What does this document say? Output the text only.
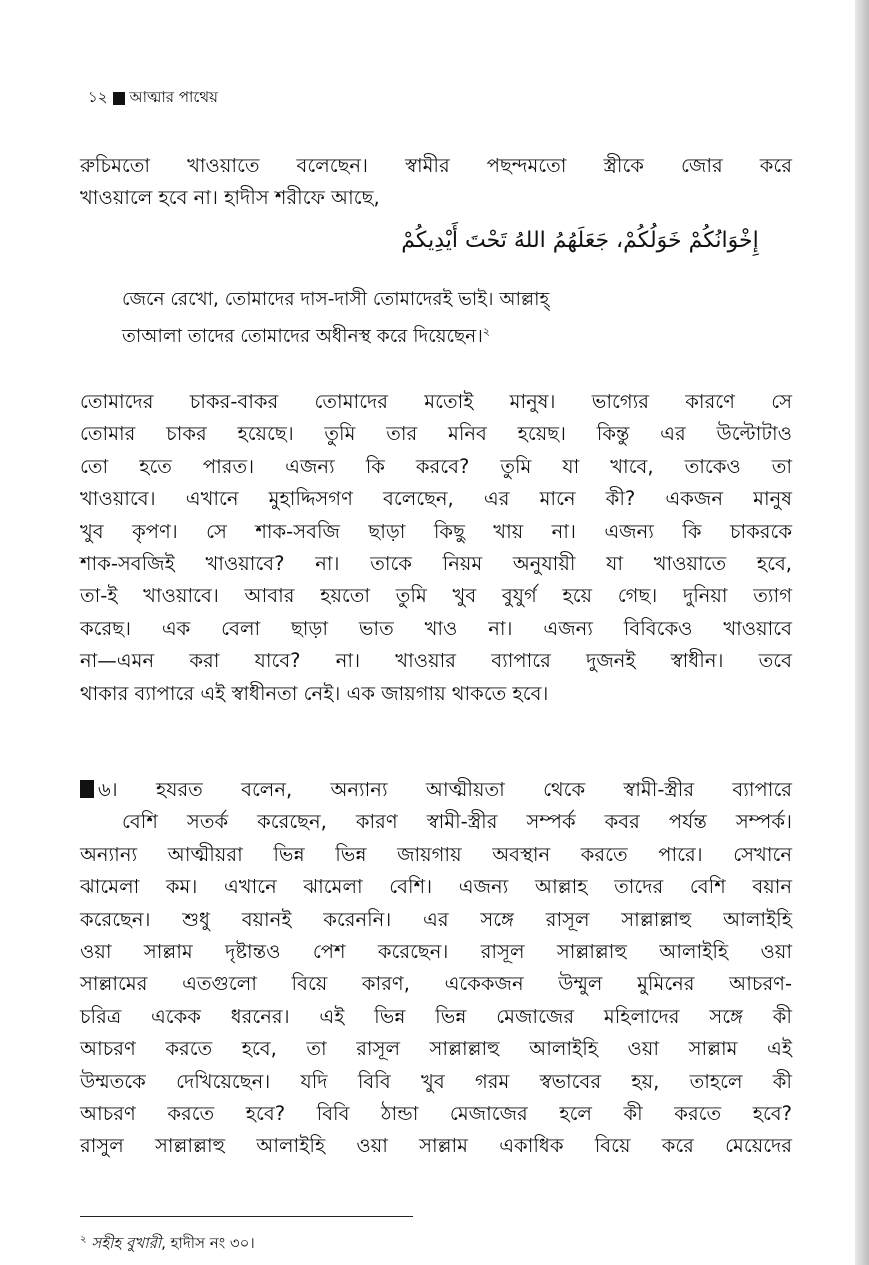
১২ আত্মার পাথেয়
রুচিমতো খাওয়াতে বলেছেন। স্বামীর পছন্দমতো স্ত্রীকে জোর করে
খাওয়ালে হবে না। হাদীস শরীফে আছে,
إِخْوَانُكُمْ خَوَلُكُمْ، جَعَلَهُمُ اللهُ تَحْتَ أَيْدِيكُمْ
জেনে রেখো, তোমাদের দাস-দাসী তোমাদেরই ভাই। আল্লাহ্
তাআলা তাদের তোমাদের অধীনস্থ করে দিয়েছেন।$^২$
তোমাদের চাকর-বাকর তোমাদের মতোই মানুষ। ভাগ্যের কারণে সে
তোমার চাকর হয়েছে। তুমি তার মনিব হয়েছ। কিন্তু এর উল্টোটাও
তো হতে পারত। এজন্য কি করবে? তুমি যা খাবে, তাকেও তা
খাওয়াবে। এখানে মুহাদ্দিসগণ বলেছেন, এর মানে কী? একজন মানুষ
খুব কৃপণ। সে শাক-সবজি ছাড়া কিছু খায় না। এজন্য কি চাকরকে
শাক-সবজিই খাওয়াবে? না। তাকে নিয়ম অনুযায়ী যা খাওয়াতে হবে,
তা-ই খাওয়াবে। আবার হয়তো তুমি খুব বুযুর্গ হয়ে গেছ। দুনিয়া ত্যাগ
করেছ। এক বেলা ছাড়া ভাত খাও না। এজন্য বিবিকেও খাওয়াবে
না—এমন করা যাবে? না। খাওয়ার ব্যাপারে দুজনই স্বাধীন। তবে
থাকার ব্যাপারে এই স্বাধীনতা নেই। এক জায়গায় থাকতে হবে।
৬। হযরত বলেন, অন্যান্য আত্মীয়তা থেকে স্বামী-স্ত্রীর ব্যাপারে
বেশি সতর্ক করেছেন, কারণ স্বামী-স্ত্রীর সম্পর্ক কবর পর্যন্ত সম্পর্ক।
অন্যান্য আত্মীয়রা ভিন্ন ভিন্ন জায়গায় অবস্থান করতে পারে। সেখানে
ঝামেলা কম। এখানে ঝামেলা বেশি। এজন্য আল্লাহ তাদের বেশি বয়ান
করেছেন। শুধু বয়ানই করেননি। এর সঙ্গে রাসূল সাল্লাল্লাহু আলাইহি
ওয়া সাল্লাম দৃষ্টান্তও পেশ করেছেন। রাসূল সাল্লাল্লাহু আলাইহি ওয়া
সাল্লামের এতগুলো বিয়ে কারণ, একেকজন উম্মুল মুমিনের আচরণ-
চরিত্র একেক ধরনের। এই ভিন্ন ভিন্ন মেজাজের মহিলাদের সঙ্গে কী
আচরণ করতে হবে, তা রাসূল সাল্লাল্লাহু আলাইহি ওয়া সাল্লাম এই
উম্মতকে দেখিয়েছেন। যদি বিবি খুব গরম স্বভাবের হয়, তাহলে কী
আচরণ করতে হবে? বিবি ঠান্ডা মেজাজের হলে কী করতে হবে?
রাসুল সাল্লাল্লাহু আলাইহি ওয়া সাল্লাম একাধিক বিয়ে করে মেয়েদের
$^২$ সহীহ বুখারী, হাদীস নং ৩০।
